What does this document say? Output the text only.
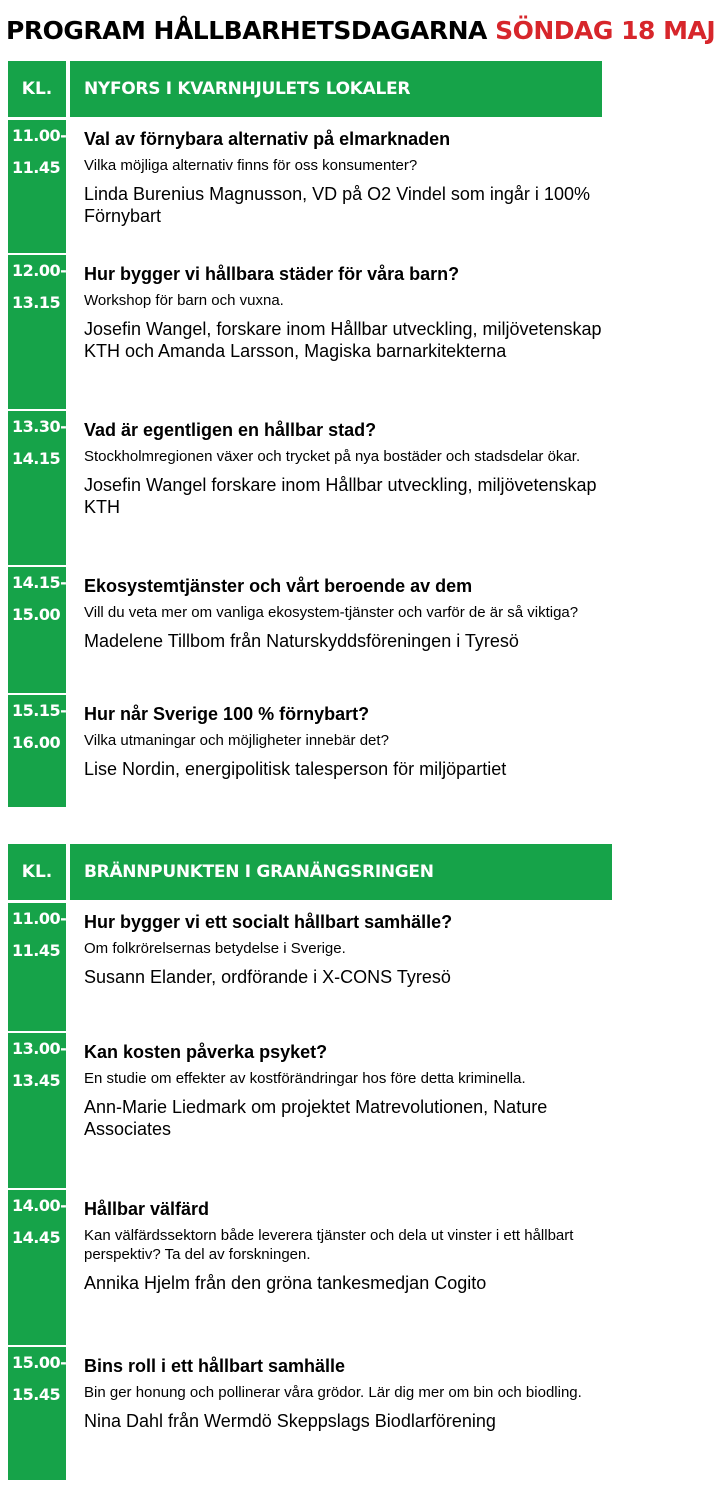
PROGRAM HÅLLBARHETSDAGARNA SÖNDAG 18 MAJ
KL.	NYFORS I KVARNHJULETS LOKALER
11.00-
11.45
Val av förnybara alternativ på elmarknaden

Vilka möjliga alternativ finns för oss konsumenter?

Linda Burenius Magnusson, VD på O2 Vindel som ingår i 100% Förnybart

12.00-
13.15
Hur bygger vi hållbara städer för våra barn?

Workshop för barn och vuxna.

Josefin Wangel, forskare inom Hållbar utveckling, miljövetenskap KTH och Amanda Larsson, Magiska barnarkitekterna

13.30-
14.15
Vad är egentligen en hållbar stad?

Stockholmregionen växer och trycket på nya bostäder och stadsdelar ökar.

Josefin Wangel forskare inom Hållbar utveckling, miljövetenskap KTH

14.15-
15.00
Ekosystemtjänster och vårt beroende av dem

Vill du veta mer om vanliga ekosystem-tjänster och varför de är så viktiga?

Madelene Tillbom från Naturskyddsföreningen i Tyresö

15.15-
16.00
Hur når Sverige 100 % förnybart?

Vilka utmaningar och möjligheter innebär det?

Lise Nordin, energipolitisk talesperson för miljöpartiet

KL.	BRÄNNPUNKTEN I GRANÄNGSRINGEN
11.00-
11.45
Hur bygger vi ett socialt hållbart samhälle?

Om folkrörelsernas betydelse i Sverige.

Susann Elander, ordförande i X-CONS Tyresö

13.00-
13.45
Kan kosten påverka psyket?

En studie om effekter av kostförändringar hos före detta kriminella.

Ann-Marie Liedmark om projektet Matrevolutionen, Nature Associates

14.00-
14.45
Hållbar välfärd

Kan välfärdssektorn både leverera tjänster och dela ut vinster i ett hållbart perspektiv? Ta del av forskningen.

Annika Hjelm från den gröna tankesmedjan Cogito

15.00-
15.45
Bins roll i ett hållbart samhälle

Bin ger honung och pollinerar våra grödor. Lär dig mer om bin och biodling.

Nina Dahl från Wermdö Skeppslags Biodlarförening
